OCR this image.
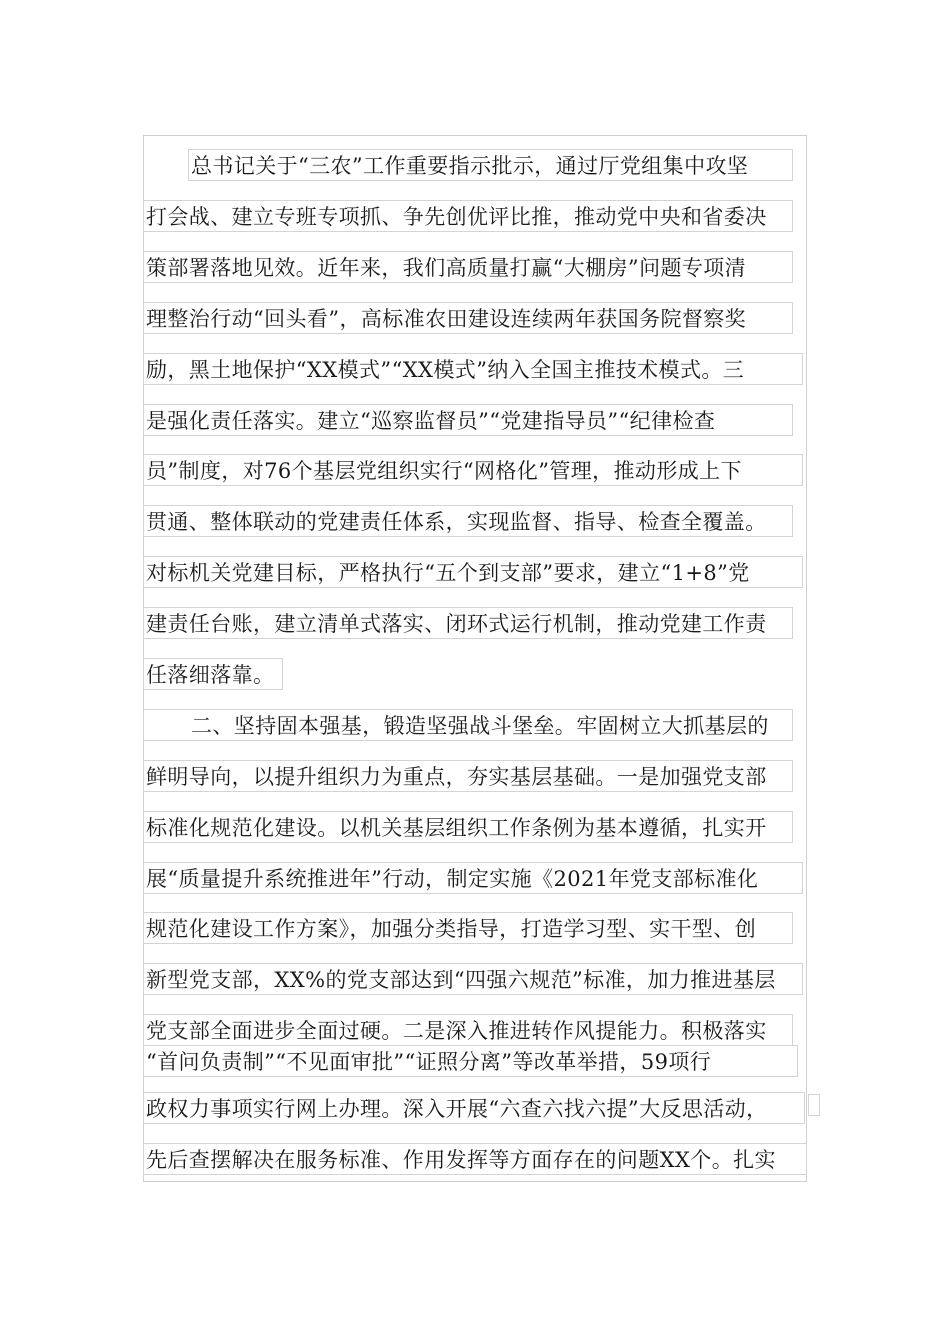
总书记关于“三农”工作重要指示批示，通过厅党组集中攻坚
打会战、建立专班专项抓、争先创优评比推，推动党中央和省委决
策部署落地见效。近年来，我们高质量打赢“大棚房”问题专项清
理整治行动“回头看”，高标准农田建设连续两年获国务院督察奖
励，黑土地保护“XX模式”“XX模式”纳入全国主推技术模式。三
是强化责任落实。建立“巡察监督员”“党建指导员”“纪律检查
员”制度，对76个基层党组织实行“网格化”管理，推动形成上下
贯通、整体联动的党建责任体系，实现监督、指导、检查全覆盖。
对标机关党建目标，严格执行“五个到支部”要求，建立“1+8”党
建责任台账，建立清单式落实、闭环式运行机制，推动党建工作责
任落细落靠。
二、坚持固本强基，锻造坚强战斗堡垒。牢固树立大抓基层的
鲜明导向，以提升组织力为重点，夯实基层基础。一是加强党支部
标准化规范化建设。以机关基层组织工作条例为基本遵循，扎实开
展“质量提升系统推进年”行动，制定实施《2021年党支部标准化
规范化建设工作方案》，加强分类指导，打造学习型、实干型、创
新型党支部，XX%的党支部达到“四强六规范”标准，加力推进基层
党支部全面进步全面过硬。二是深入推进转作风提能力。积极落实
“首问负责制”“不见面审批”“证照分离”等改革举措，59项行
政权力事项实行网上办理。深入开展“六查六找六提”大反思活动，
先后查摆解决在服务标准、作用发挥等方面存在的问题XX个。扎实
